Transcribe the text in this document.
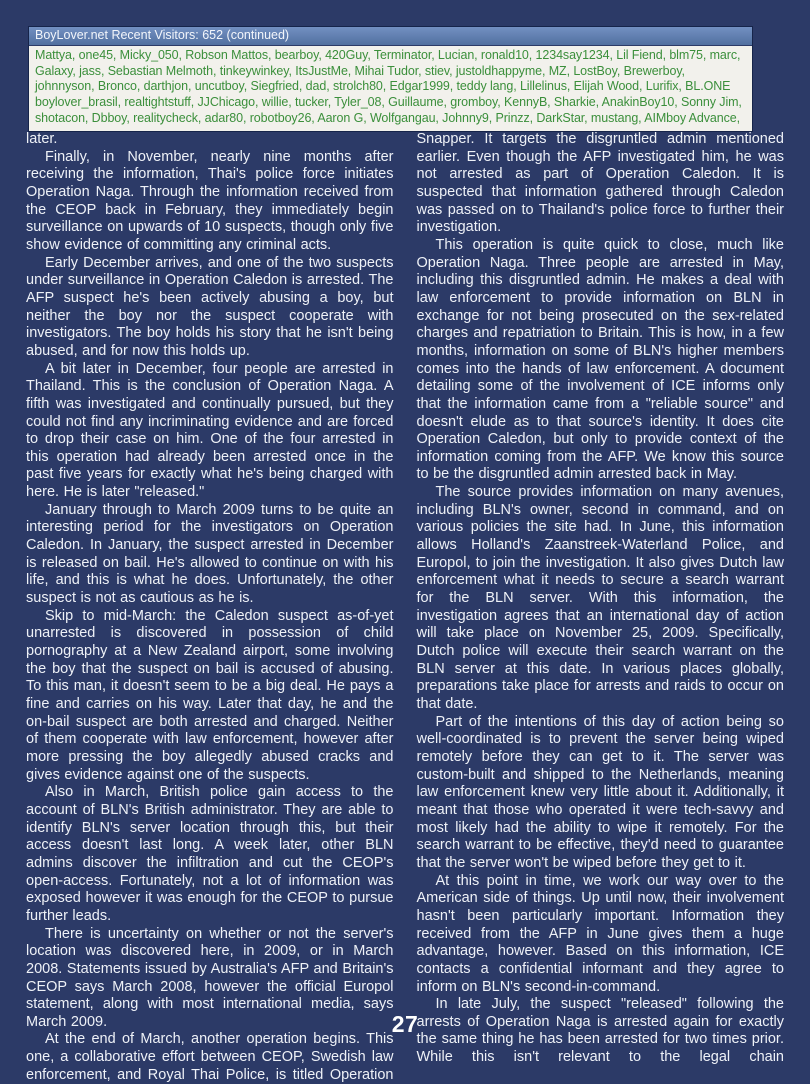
BoyLover.net Recent Visitors: 652 (continued)
Mattya, one45, Micky_050, Robson Mattos, bearboy, 420Guy, Terminator, Lucian, ronald10, 1234say1234, Lil Fiend, blm75, marc, Galaxy, jass, Sebastian Melmoth, tinkeywinkey, ItsJustMe, Mihai Tudor, stiev, justoldhappyme, MZ, LostBoy, Brewerboy, johnnyson, Bronco, darthjon, uncutboy, Siegfried, dad, strolch80, Edgar1999, teddy lang, Lillelinus, Elijah Wood, Lurifix, BL.ONE boylover_brasil, realtightstuff, JJChicago, willie, tucker, Tyler_08, Guillaume, gromboy, KennyB, Sharkie, AnakinBoy10, Sonny Jim, shotacon, Dbboy, realitycheck, adar80, robotboy26, Aaron G, Wolfgangau, Johnny9, Prinzz, DarkStar, mustang, AIMboy Advance,

later.

Finally, in November, nearly nine months after receiving the information, Thai's police force initiates Operation Naga. Through the information received from the CEOP back in February, they immediately begin surveillance on upwards of 10 suspects, though only five show evidence of committing any criminal acts.

Early December arrives, and one of the two suspects under surveillance in Operation Caledon is arrested. The AFP suspect he's been actively abusing a boy, but neither the boy nor the suspect cooperate with investigators. The boy holds his story that he isn't being abused, and for now this holds up.

A bit later in December, four people are arrested in Thailand. This is the conclusion of Operation Naga. A fifth was investigated and continually pursued, but they could not find any incriminating evidence and are forced to drop their case on him. One of the four arrested in this operation had already been arrested once in the past five years for exactly what he's being charged with here. He is later "released."

January through to March 2009 turns to be quite an interesting period for the investigators on Operation Caledon. In January, the suspect arrested in December is released on bail. He's allowed to continue on with his life, and this is what he does. Unfortunately, the other suspect is not as cautious as he is.

Skip to mid-March: the Caledon suspect as-of-yet unarrested is discovered in possession of child pornography at a New Zealand airport, some involving the boy that the suspect on bail is accused of abusing. To this man, it doesn't seem to be a big deal. He pays a fine and carries on his way. Later that day, he and the on-bail suspect are both arrested and charged. Neither of them cooperate with law enforcement, however after more pressing the boy allegedly abused cracks and gives evidence against one of the suspects.

Also in March, British police gain access to the account of BLN's British administrator. They are able to identify BLN's server location through this, but their access doesn't last long. A week later, other BLN admins discover the infiltration and cut the CEOP's open-access. Fortunately, not a lot of information was exposed however it was enough for the CEOP to pursue further leads.

There is uncertainty on whether or not the server's location was discovered here, in 2009, or in March 2008. Statements issued by Australia's AFP and Britain's CEOP says March 2008, however the official Europol statement, along with most international media, says March 2009.

At the end of March, another operation begins. This one, a collaborative effort between CEOP, Swedish law enforcement, and Royal Thai Police, is titled Operation

Snapper. It targets the disgruntled admin mentioned earlier. Even though the AFP investigated him, he was not arrested as part of Operation Caledon. It is suspected that information gathered through Caledon was passed on to Thailand's police force to further their investigation.

This operation is quite quick to close, much like Operation Naga. Three people are arrested in May, including this disgruntled admin. He makes a deal with law enforcement to provide information on BLN in exchange for not being prosecuted on the sex-related charges and repatriation to Britain. This is how, in a few months, information on some of BLN's higher members comes into the hands of law enforcement. A document detailing some of the involvement of ICE informs only that the information came from a "reliable source" and doesn't elude as to that source's identity. It does cite Operation Caledon, but only to provide context of the information coming from the AFP. We know this source to be the disgruntled admin arrested back in May.

The source provides information on many avenues, including BLN's owner, second in command, and on various policies the site had. In June, this information allows Holland's Zaanstreek-Waterland Police, and Europol, to join the investigation. It also gives Dutch law enforcement what it needs to secure a search warrant for the BLN server. With this information, the investigation agrees that an international day of action will take place on November 25, 2009. Specifically, Dutch police will execute their search warrant on the BLN server at this date. In various places globally, preparations take place for arrests and raids to occur on that date.

Part of the intentions of this day of action being so well-coordinated is to prevent the server being wiped remotely before they can get to it. The server was custom-built and shipped to the Netherlands, meaning law enforcement knew very little about it. Additionally, it meant that those who operated it were tech-savvy and most likely had the ability to wipe it remotely. For the search warrant to be effective, they'd need to guarantee that the server won't be wiped before they get to it.

At this point in time, we work our way over to the American side of things. Up until now, their involvement hasn't been particularly important. Information they received from the AFP in June gives them a huge advantage, however. Based on this information, ICE contacts a confidential informant and they agree to inform on BLN's second-in-command.

In late July, the suspect "released" following the arrests of Operation Naga is arrested again for exactly the same thing he has been arrested for two times prior. While this isn't relevant to the legal chain

27
